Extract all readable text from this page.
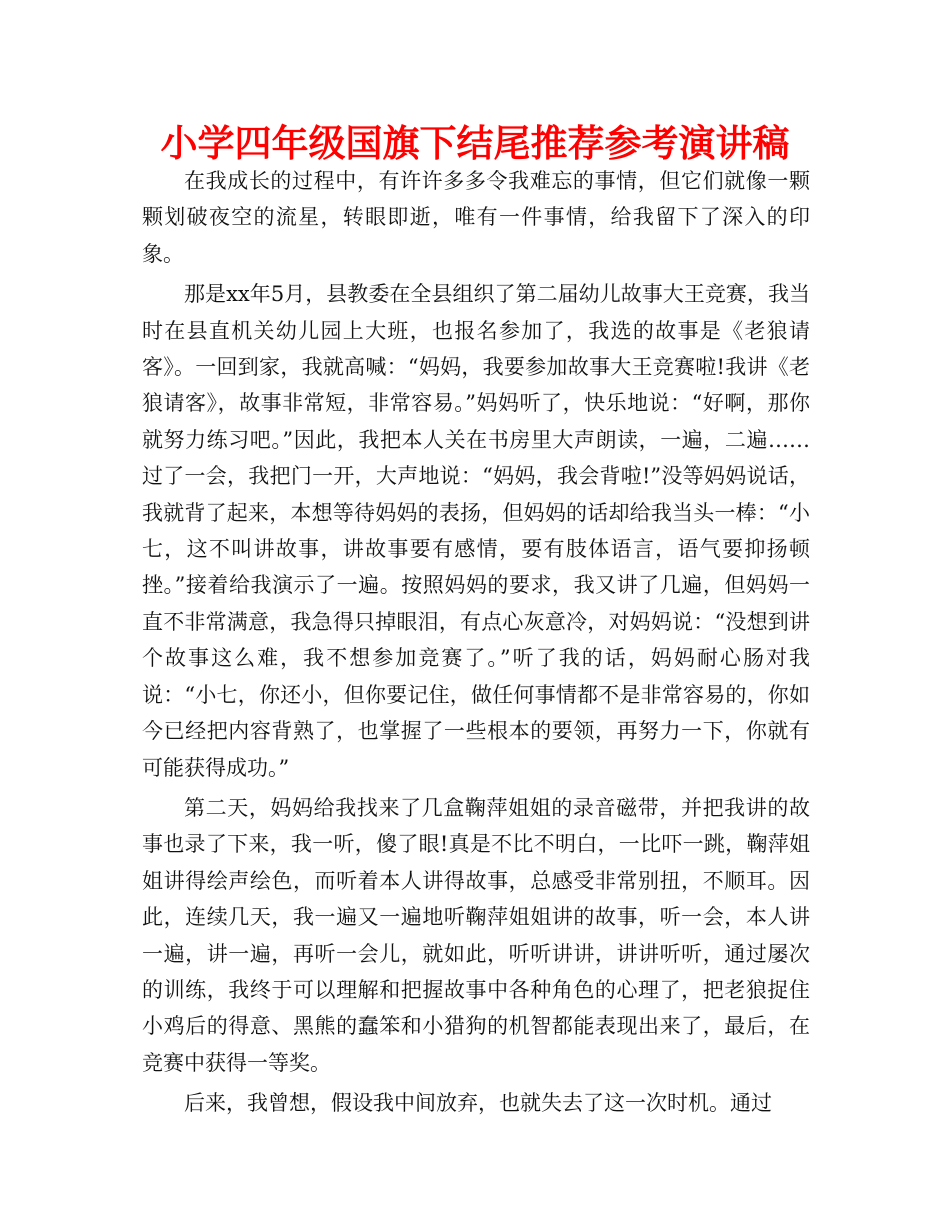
小学四年级国旗下结尾推荐参考演讲稿

在我成长的过程中，有许许多多令我难忘的事情，但它们就像一颗颗划破夜空的流星，转眼即逝，唯有一件事情，给我留下了深入的印象。

那是xx年5月，县教委在全县组织了第二届幼儿故事大王竞赛，我当时在县直机关幼儿园上大班，也报名参加了，我选的故事是《老狼请客》。一回到家，我就高喊：“妈妈，我要参加故事大王竞赛啦!我讲《老狼请客》，故事非常短，非常容易。”妈妈听了，快乐地说：“好啊，那你就努力练习吧。”因此，我把本人关在书房里大声朗读，一遍，二遍……过了一会，我把门一开，大声地说：“妈妈，我会背啦!”没等妈妈说话，我就背了起来，本想等待妈妈的表扬，但妈妈的话却给我当头一棒：“小七，这不叫讲故事，讲故事要有感情，要有肢体语言，语气要抑扬顿挫。”接着给我演示了一遍。按照妈妈的要求，我又讲了几遍，但妈妈一直不非常满意，我急得只掉眼泪，有点心灰意冷，对妈妈说：“没想到讲个故事这么难，我不想参加竞赛了。”听了我的话，妈妈耐心肠对我说：“小七，你还小，但你要记住，做任何事情都不是非常容易的，你如今已经把内容背熟了，也掌握了一些根本的要领，再努力一下，你就有可能获得成功。”

第二天，妈妈给我找来了几盒鞠萍姐姐的录音磁带，并把我讲的故事也录了下来，我一听，傻了眼!真是不比不明白，一比吓一跳，鞠萍姐姐讲得绘声绘色，而听着本人讲得故事，总感受非常别扭，不顺耳。因此，连续几天，我一遍又一遍地听鞠萍姐姐讲的故事，听一会，本人讲一遍，讲一遍，再听一会儿，就如此，听听讲讲，讲讲听听，通过屡次的训练，我终于可以理解和把握故事中各种角色的心理了，把老狼捉住小鸡后的得意、黑熊的蠢笨和小猎狗的机智都能表现出来了，最后，在竞赛中获得一等奖。

后来，我曾想，假设我中间放弃，也就失去了这一次时机。通过
